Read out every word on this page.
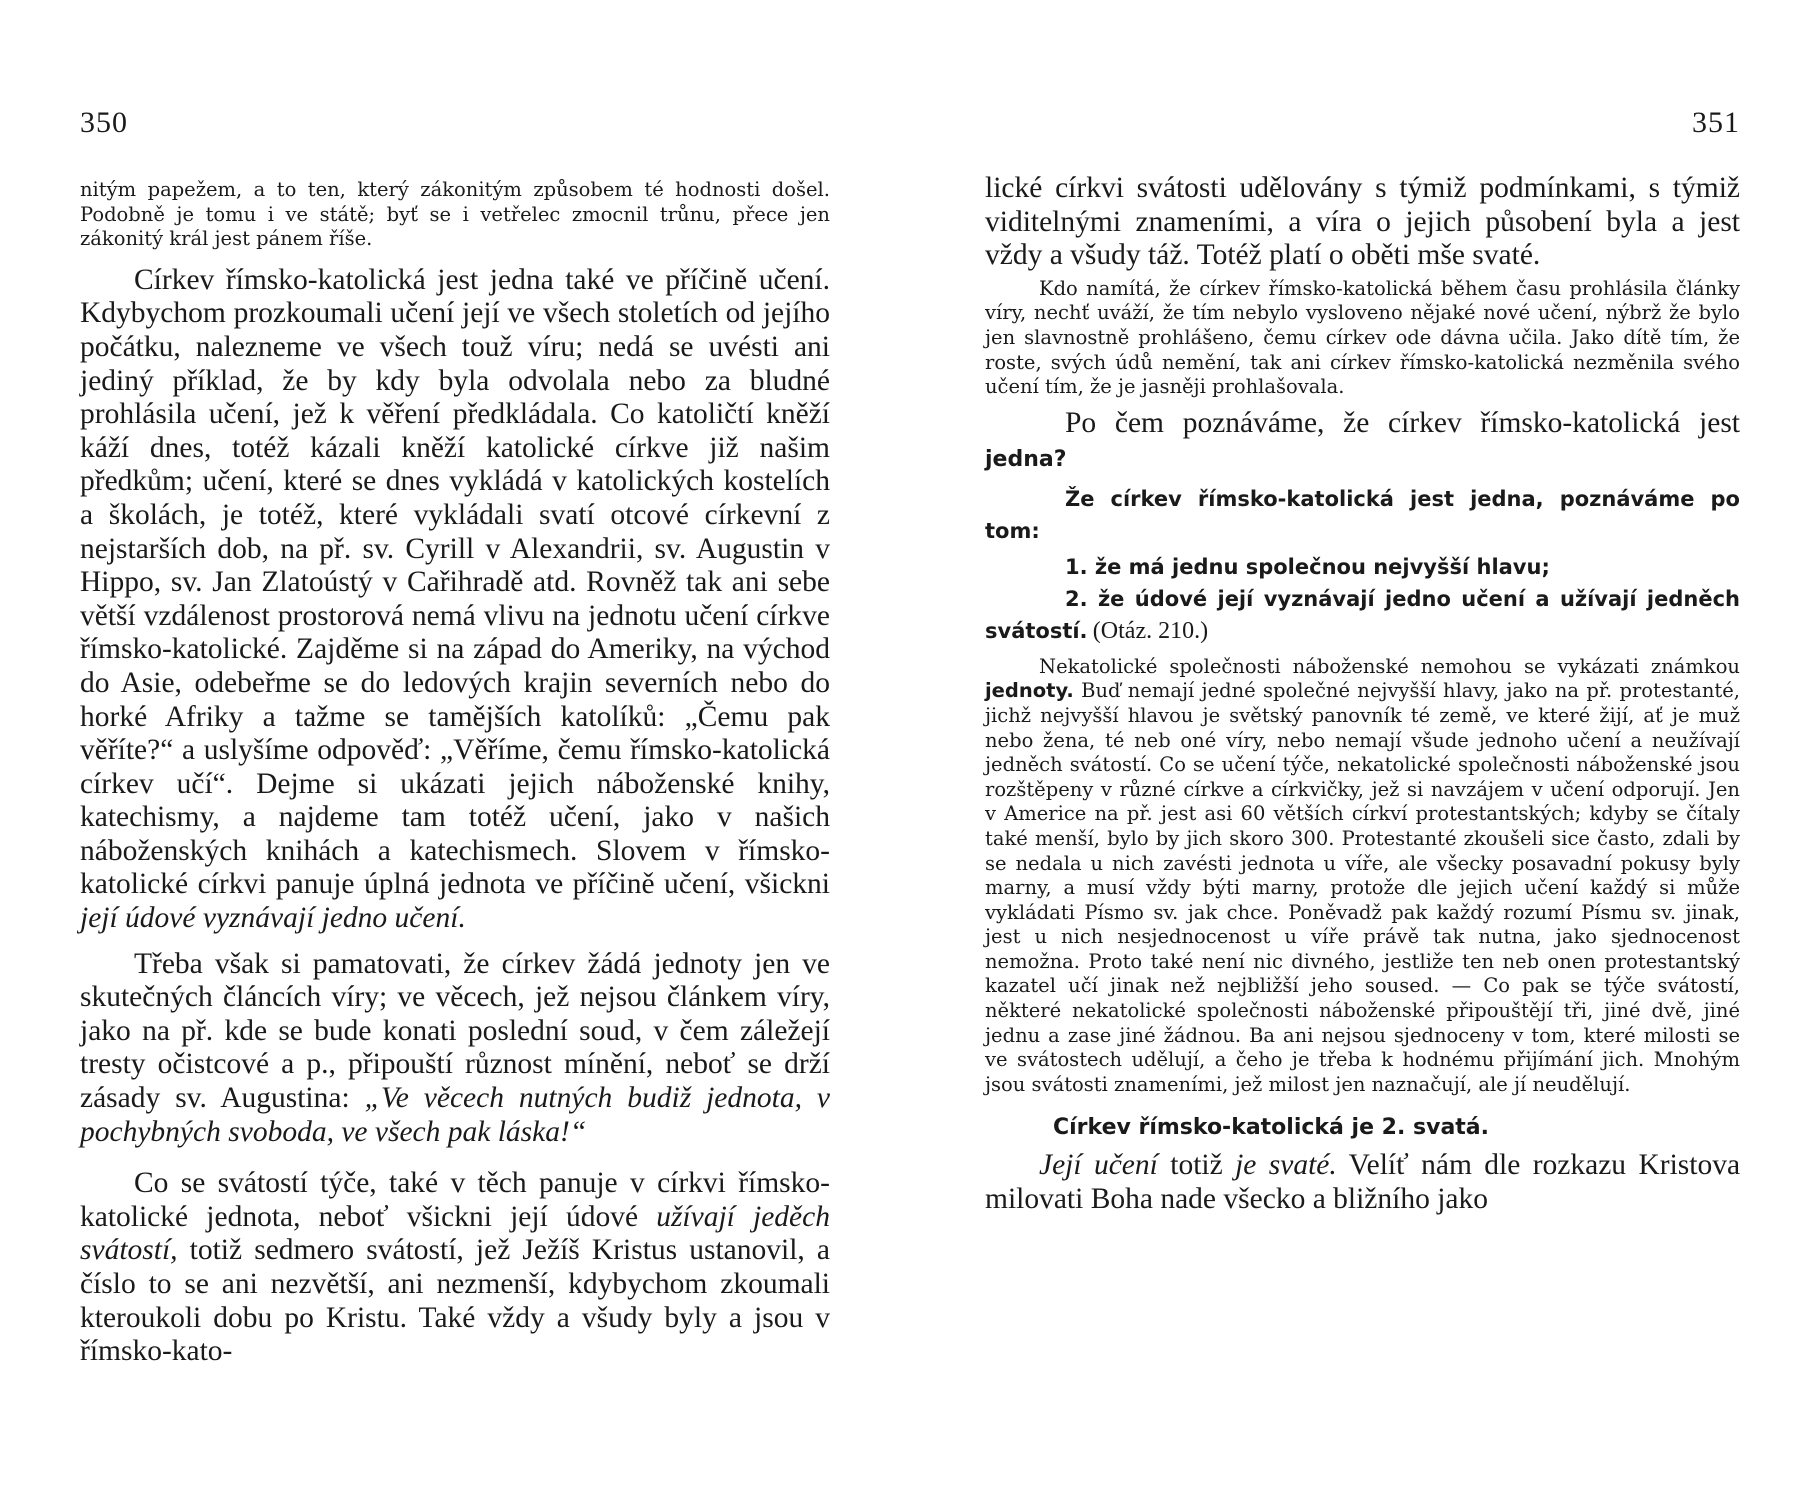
350

nitým papežem, a to ten, který zákonitým způsobem té hodnosti došel. Podobně je tomu i ve státě; byť se i vetřelec zmocnil trůnu, přece jen zákonitý král jest pánem říše.

Církev římsko-katolická jest jedna také ve příčině učení. Kdybychom prozkoumali učení její ve všech stoletích od jejího počátku, nalezneme ve všech touž víru; nedá se uvésti ani jediný příklad, že by kdy byla odvolala nebo za bludné prohlásila učení, jež k věření předkládala. Co katoličtí kněží káží dnes, totéž kázali kněží katolické církve již našim předkům; učení, které se dnes vykládá v katolických kostelích a školách, je totéž, které vykládali svatí otcové církevní z nejstarších dob, na př. sv. Cyrill v Alexandrii, sv. Augustin v Hippo, sv. Jan Zlatoústý v Cařihradě atd. Rovněž tak ani sebe větší vzdálenost prostorová nemá vlivu na jednotu učení církve římsko-katolické. Zajděme si na západ do Ameriky, na východ do Asie, odebeřme se do ledových krajin severních nebo do horké Afriky a tažme se tamějších katolíků: „Čemu pak věříte?“ a uslyšíme odpověď: „Věříme, čemu římsko-katolická církev učí“. Dejme si ukázati jejich náboženské knihy, katechismy, a najdeme tam totéž učení, jako v našich náboženských knihách a katechismech. Slovem v římsko-katolické církvi panuje úplná jednota ve příčině učení, všickni její údové vyznávají jedno učení.

Třeba však si pamatovati, že církev žádá jednoty jen ve skutečných článcích víry; ve věcech, jež nejsou článkem víry, jako na př. kde se bude konati poslední soud, v čem záležejí tresty očistcové a p., připouští různost mínění, neboť se drží zásady sv. Augustina: „Ve věcech nutných budiž jednota, v pochybných svoboda, ve všech pak láska!“

Co se svátostí týče, také v těch panuje v církvi římsko-katolické jednota, neboť všickni její údové užívají jeděch svátostí, totiž sedmero svátostí, jež Ježíš Kristus ustanovil, a číslo to se ani nezvětší, ani nezmenší, kdybychom zkoumali kteroukoli dobu po Kristu. Také vždy a všudy byly a jsou v římsko-kato-

351

lické církvi svátosti udělovány s týmiž podmínkami, s týmiž viditelnými znameními, a víra o jejich působení byla a jest vždy a všudy táž. Totéž platí o oběti mše svaté.

Kdo namítá, že církev římsko-katolická během času prohlásila články víry, nechť uváží, že tím nebylo vysloveno nějaké nové učení, nýbrž že bylo jen slavnostně prohlášeno, čemu církev ode dávna učila. Jako dítě tím, že roste, svých údů nemění, tak ani církev římsko-katolická nezměnila svého učení tím, že je jasněji prohlašovala.

Po čem poznáváme, že církev římsko-katolická jest jedna?

Že církev římsko-katolická jest jedna, poznáváme po tom:

1. že má jednu společnou nejvyšší hlavu;

2. že údové její vyznávají jedno učení a užívají jedněch svátostí. (Otáz. 210.)

Nekatolické společnosti náboženské nemohou se vykázati známkou jednoty. Buď nemají jedné společné nejvyšší hlavy, jako na př. protestanté, jichž nejvyšší hlavou je světský panovník té země, ve které žijí, ať je muž nebo žena, té neb oné víry, nebo nemají všude jednoho učení a neužívají jedněch svátostí. Co se učení týče, nekatolické společnosti náboženské jsou rozštěpeny v různé církve a církvičky, jež si navzájem v učení odporují. Jen v Americe na př. jest asi 60 větších církví protestantských; kdyby se čítaly také menší, bylo by jich skoro 300. Protestanté zkoušeli sice často, zdali by se nedala u nich zavésti jednota u víře, ale všecky posavadní pokusy byly marny, a musí vždy býti marny, protože dle jejich učení každý si může vykládati Písmo sv. jak chce. Poněvadž pak každý rozumí Písmu sv. jinak, jest u nich nesjednocenost u víře právě tak nutna, jako sjednocenost nemožna. Proto také není nic divného, jestliže ten neb onen protestantský kazatel učí jinak než nejbližší jeho soused. — Co pak se týče svátostí, některé nekatolické společnosti náboženské připouštějí tři, jiné dvě, jiné jednu a zase jiné žádnou. Ba ani nejsou sjednoceny v tom, které milosti se ve svátostech udělují, a čeho je třeba k hodnému přijímání jich. Mnohým jsou svátosti znameními, jež milost jen naznačují, ale jí neudělují.

Církev římsko-katolická je 2. svatá.

Její učení totiž je svaté. Velíť nám dle rozkazu Kristova milovati Boha nade všecko a bližního jako
